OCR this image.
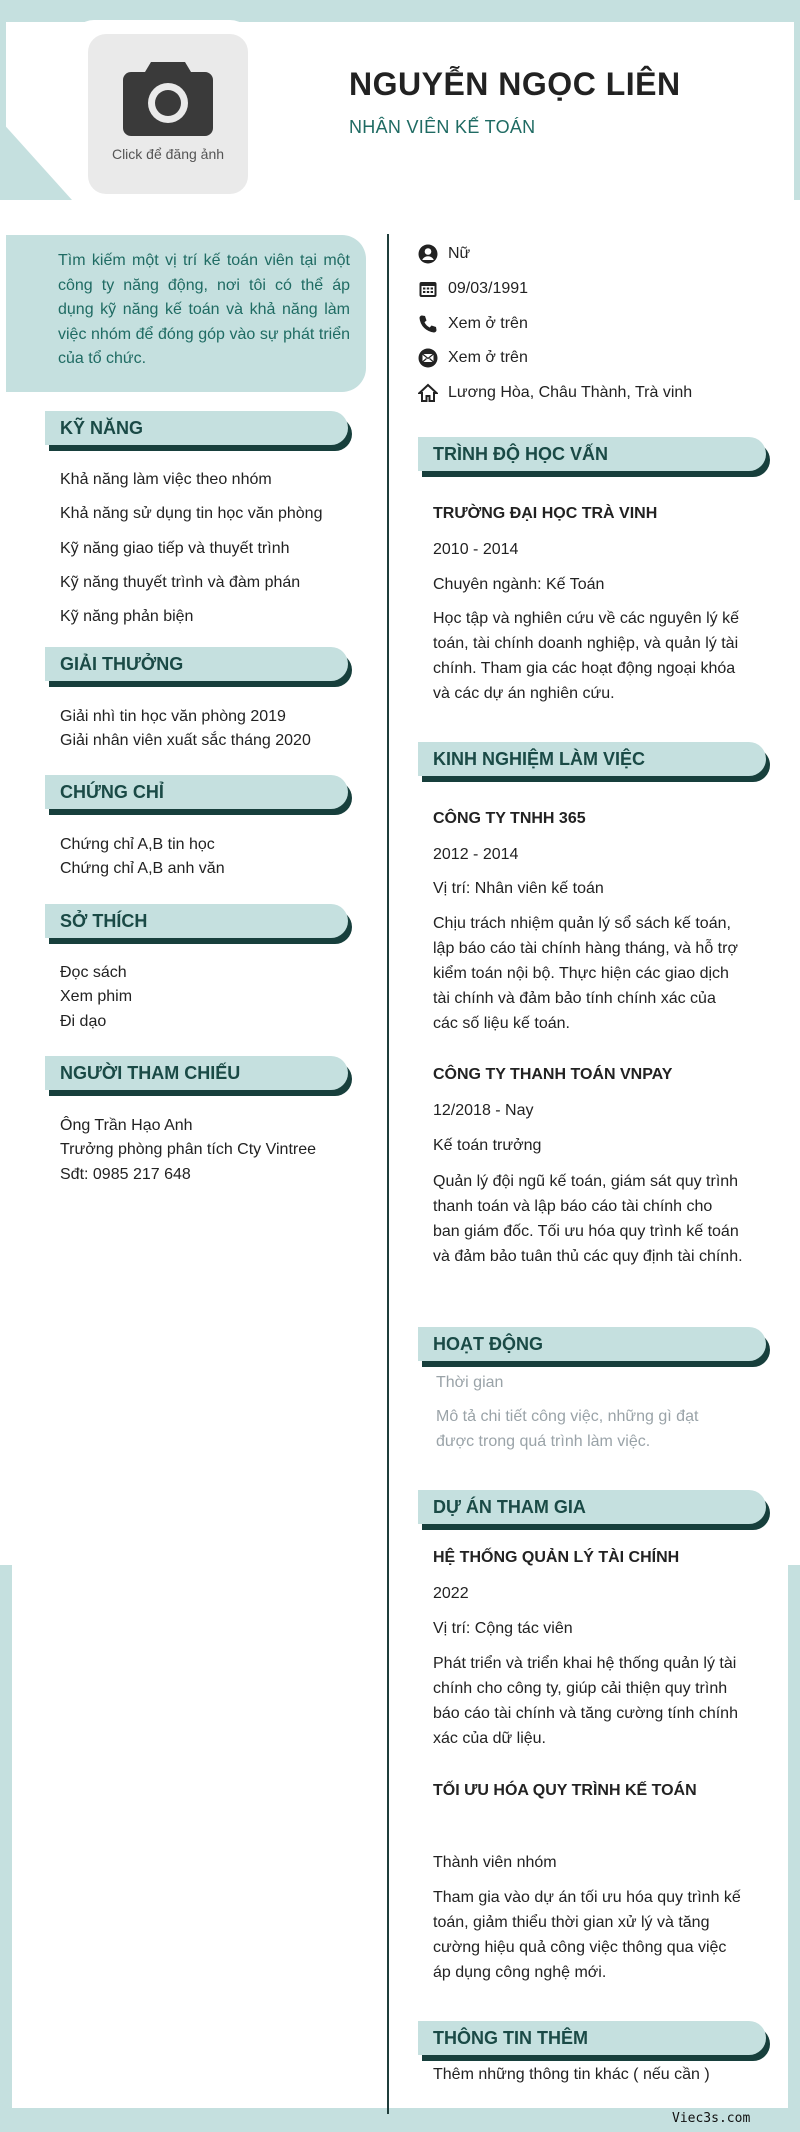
Click để đăng ảnh
NGUYỄN NGỌC LIÊN
NHÂN VIÊN KẾ TOÁN

Tìm kiếm một vị trí kế toán viên tại một công ty năng động, nơi tôi có thể áp dụng kỹ năng kế toán và khả năng làm việc nhóm để đóng góp vào sự phát triển của tổ chức.

KỸ NĂNG
Khả năng làm việc theo nhóm
Khả năng sử dụng tin học văn phòng
Kỹ năng giao tiếp và thuyết trình
Kỹ năng thuyết trình và đàm phán
Kỹ năng phản biện
GIẢI THƯỞNG
Giải nhì tin học văn phòng 2019
Giải nhân viên xuất sắc tháng 2020
CHỨNG CHỈ
Chứng chỉ A,B tin học
Chứng chỉ A,B anh văn
SỞ THÍCH
Đọc sách
Xem phim
Đi dạo
NGƯỜI THAM CHIẾU
Ông Trần Hạo Anh
Trưởng phòng phân tích Cty Vintree
Sđt: 0985 217 648
Nữ
09/03/1991
Xem ở trên
Xem ở trên
Lương Hòa, Châu Thành, Trà vinh
TRÌNH ĐỘ HỌC VẤN
TRƯỜNG ĐẠI HỌC TRÀ VINH
2010 - 2014
Chuyên ngành: Kế Toán
Học tập và nghiên cứu về các nguyên lý kế toán, tài chính doanh nghiệp, và quản lý tài chính. Tham gia các hoạt động ngoại khóa và các dự án nghiên cứu.
KINH NGHIỆM LÀM VIỆC
CÔNG TY TNHH 365
2012 - 2014
Vị trí: Nhân viên kế toán
Chịu trách nhiệm quản lý sổ sách kế toán, lập báo cáo tài chính hàng tháng, và hỗ trợ kiểm toán nội bộ. Thực hiện các giao dịch tài chính và đảm bảo tính chính xác của các số liệu kế toán.
CÔNG TY THANH TOÁN VNPAY
12/2018 - Nay
Kế toán trưởng
Quản lý đội ngũ kế toán, giám sát quy trình thanh toán và lập báo cáo tài chính cho ban giám đốc. Tối ưu hóa quy trình kế toán và đảm bảo tuân thủ các quy định tài chính.
HOẠT ĐỘNG
Thời gian
Mô tả chi tiết công việc, những gì đạt được trong quá trình làm việc.
DỰ ÁN THAM GIA
HỆ THỐNG QUẢN LÝ TÀI CHÍNH
2022
Vị trí: Cộng tác viên
Phát triển và triển khai hệ thống quản lý tài chính cho công ty, giúp cải thiện quy trình báo cáo tài chính và tăng cường tính chính xác của dữ liệu.
TỐI ƯU HÓA QUY TRÌNH KẾ TOÁN
Thành viên nhóm
Tham gia vào dự án tối ưu hóa quy trình kế toán, giảm thiểu thời gian xử lý và tăng cường hiệu quả công việc thông qua việc áp dụng công nghệ mới.
THÔNG TIN THÊM
Thêm những thông tin khác ( nếu cần )
Viec3s.com
